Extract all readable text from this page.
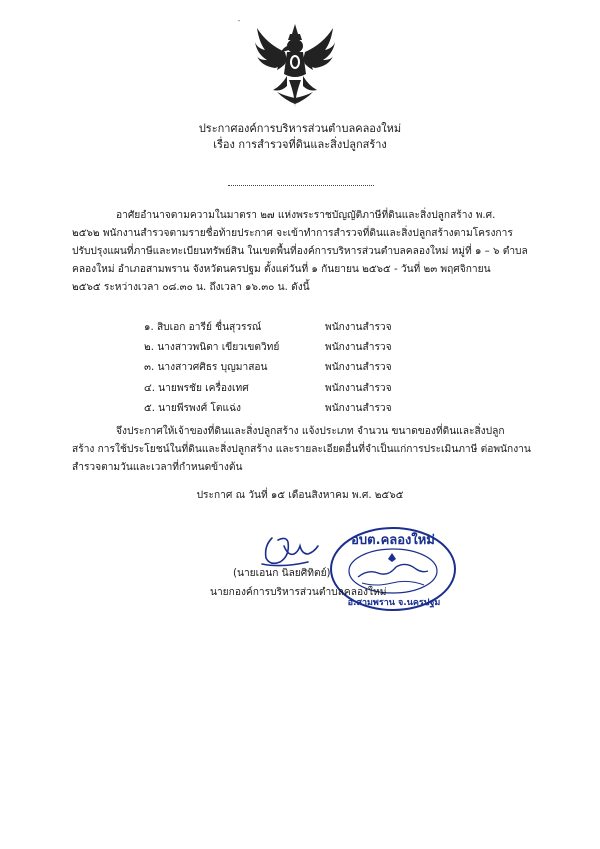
-
ประกาศองค์การบริหารส่วนตำบลคลองใหม่
เรื่อง การสำรวจที่ดินและสิ่งปลูกสร้าง
อาศัยอำนาจตามความในมาตรา ๒๗ แห่งพระราชบัญญัติภาษีที่ดินและสิ่งปลูกสร้าง พ.ศ.
๒๕๖๒ พนักงานสำรวจตามรายชื่อท้ายประกาศ จะเข้าทำการสำรวจที่ดินและสิ่งปลูกสร้างตามโครงการ
ปรับปรุงแผนที่ภาษีและทะเบียนทรัพย์สิน ในเขตพื้นที่องค์การบริหารส่วนตำบลคลองใหม่ หมู่ที่ ๑ – ๖ ตำบล
คลองใหม่ อำเภอสามพราน จังหวัดนครปฐม ตั้งแต่วันที่ ๑ กันยายน ๒๕๖๕ - วันที่ ๒๓ พฤศจิกายน
๒๕๖๕ ระหว่างเวลา ๐๘.๓๐ น. ถึงเวลา ๑๖.๓๐ น. ดังนี้
๑. สิบเอก อารีย์ ชื่นสุวรรณ์	พนักงานสำรวจ
๒. นางสาวพนิดา เขียวเขตวิทย์	พนักงานสำรวจ
๓. นางสาวศศิธร บุญมาสอน	พนักงานสำรวจ
๔. นายพรชัย เครื่องเทศ	พนักงานสำรวจ
๕. นายพีรพงศ์ โตแฉ่ง	พนักงานสำรวจ
จึงประกาศให้เจ้าของที่ดินและสิ่งปลูกสร้าง แจ้งประเภท จำนวน ขนาดของที่ดินและสิ่งปลูก
สร้าง การใช้ประโยชน์ในที่ดินและสิ่งปลูกสร้าง และรายละเอียดอื่นที่จำเป็นแก่การประเมินภาษี ต่อพนักงาน
สำรวจตามวันและเวลาที่กำหนดข้างต้น
ประกาศ ณ วันที่ ๑๕ เดือนสิงหาคม พ.ศ. ๒๕๖๕
อบต.คลองใหม่
อ.สามพราน จ.นครปฐม
(นายเอนก นิลยศิทิตย์)
นายกองค์การบริหารส่วนตำบลคลองใหม่
